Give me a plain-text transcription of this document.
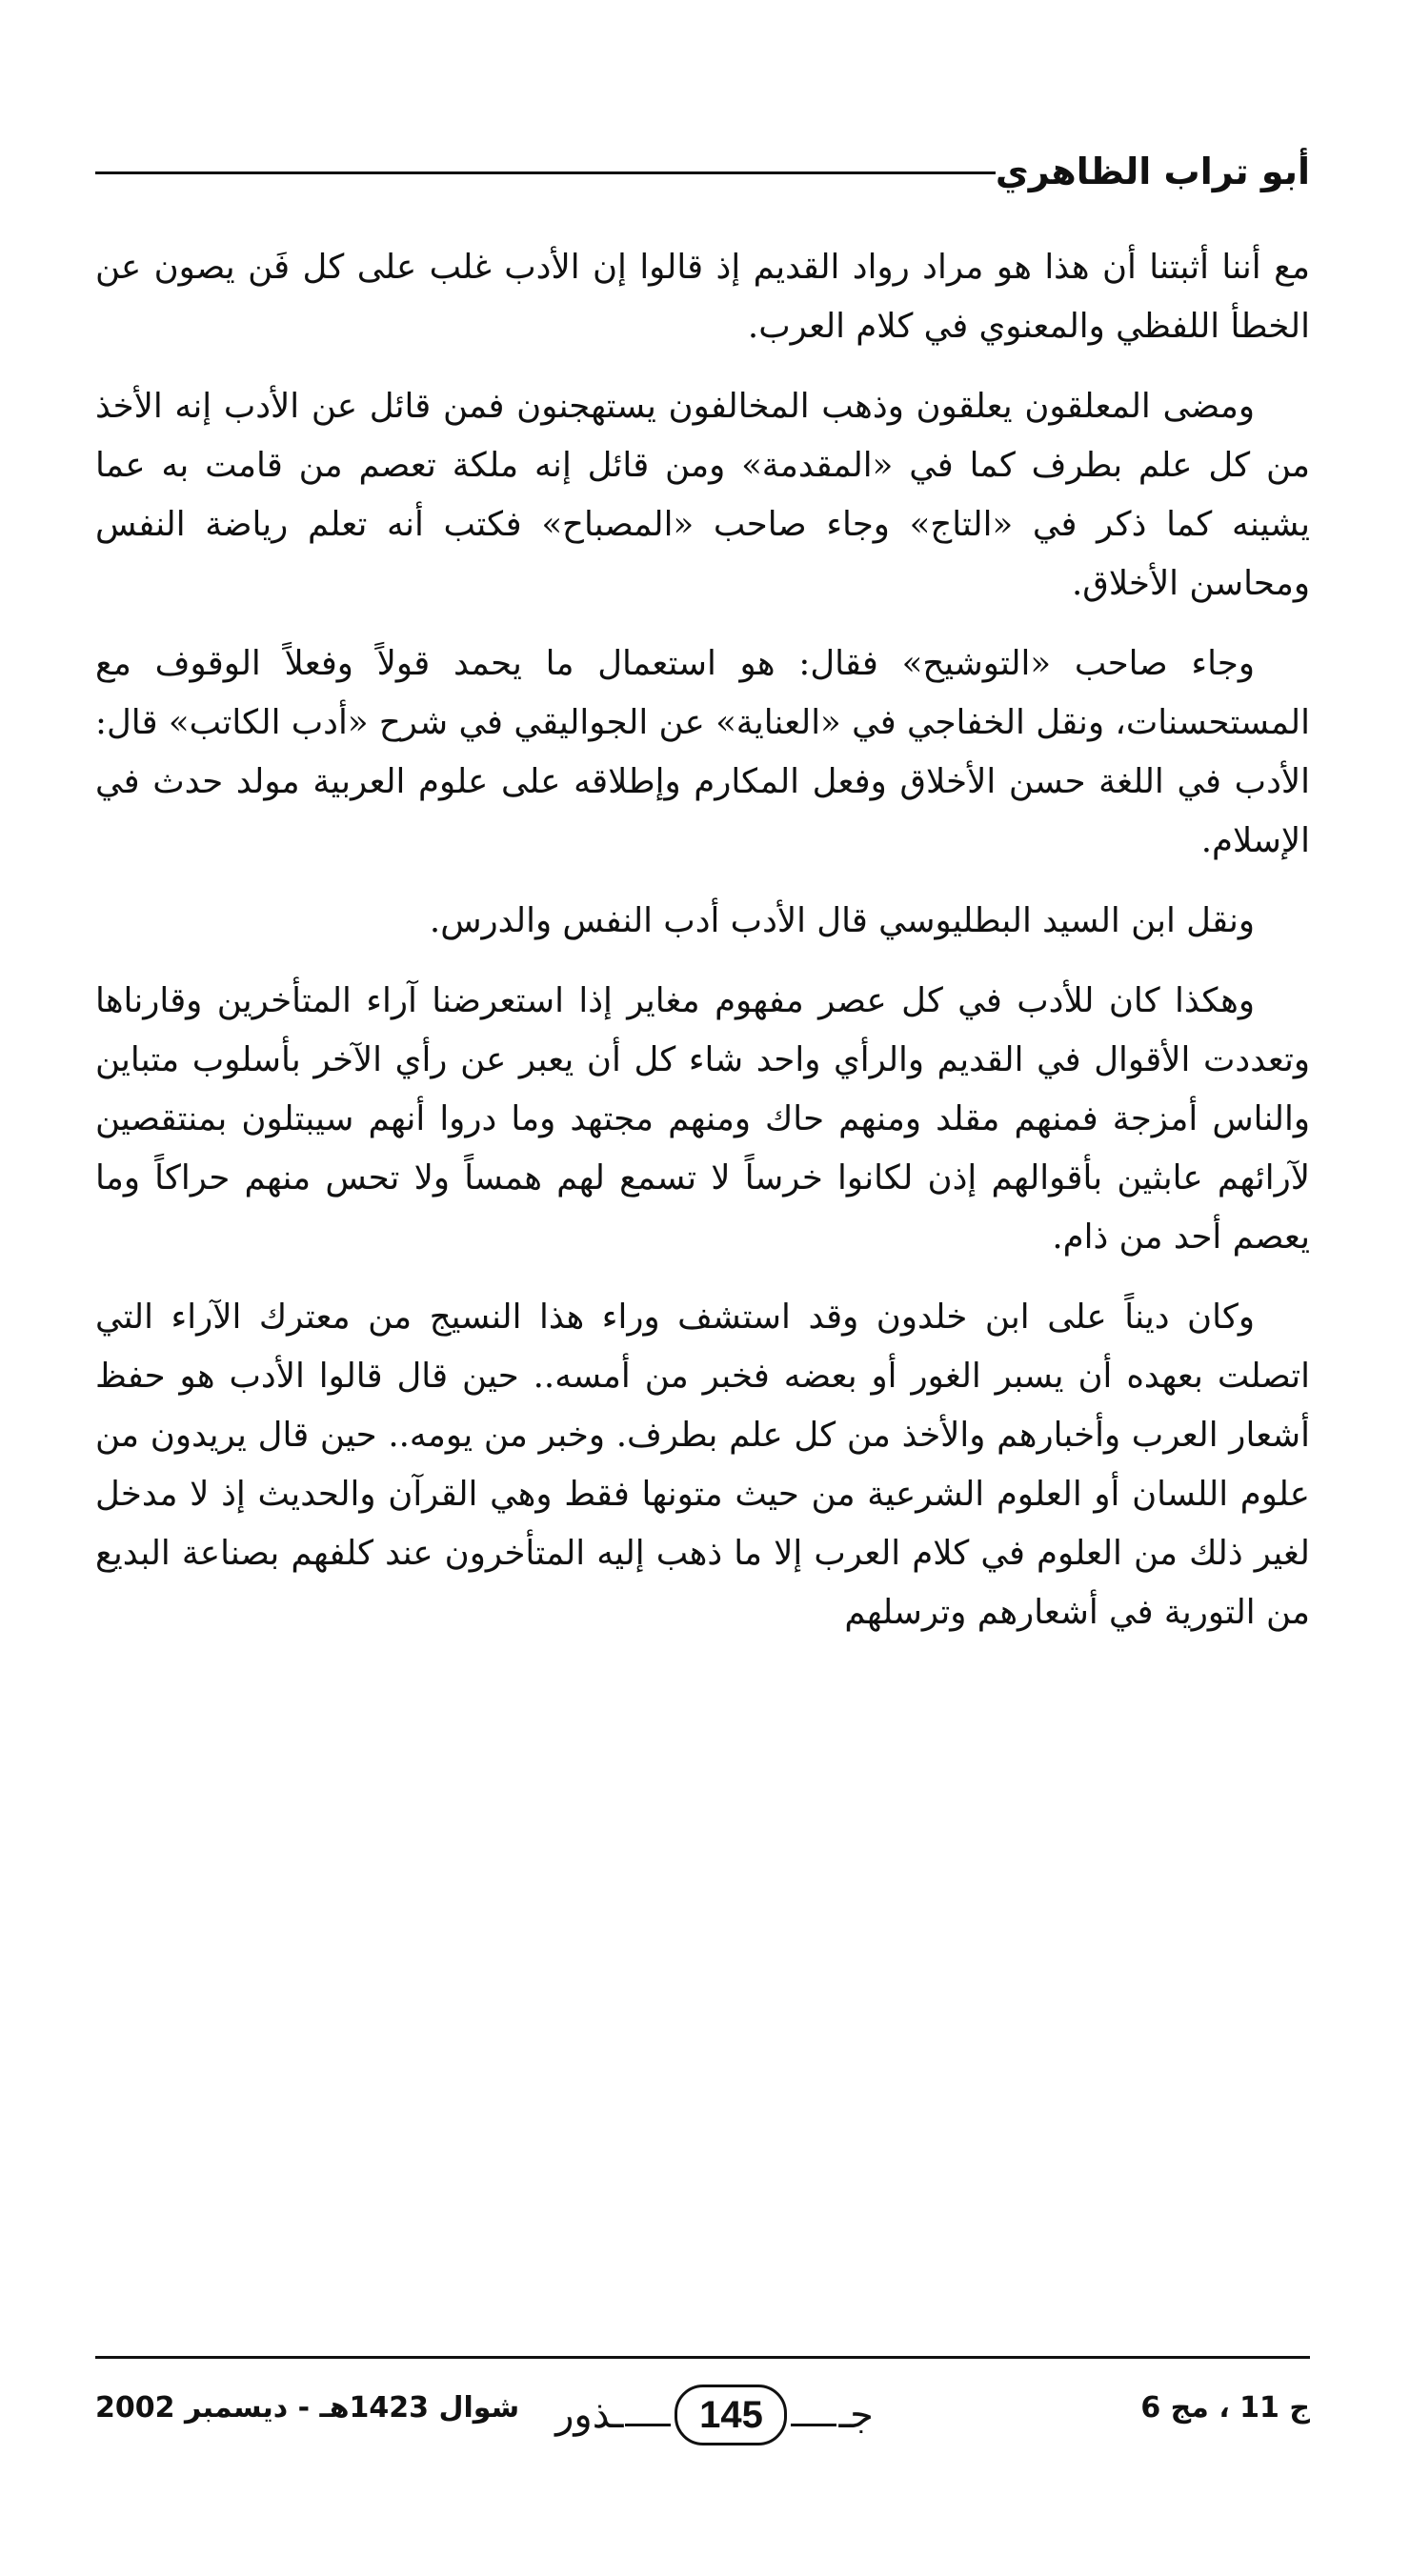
أبو تراب الظاهري

مع أننا أثبتنا أن هذا هو مراد رواد القديم إذ قالوا إن الأدب غلب على كل فَن يصون عن الخطأ اللفظي والمعنوي في كلام العرب.

ومضى المعلقون يعلقون وذهب المخالفون يستهجنون فمن قائل عن الأدب إنه الأخذ من كل علم بطرف كما في «المقدمة» ومن قائل إنه ملكة تعصم من قامت به عما يشينه كما ذكر في «التاج» وجاء صاحب «المصباح» فكتب أنه تعلم رياضة النفس ومحاسن الأخلاق.

وجاء صاحب «التوشيح» فقال: هو استعمال ما يحمد قولاً وفعلاً الوقوف مع المستحسنات، ونقل الخفاجي في «العناية» عن الجواليقي في شرح «أدب الكاتب» قال: الأدب في اللغة حسن الأخلاق وفعل المكارم وإطلاقه على علوم العربية مولد حدث في الإسلام.

ونقل ابن السيد البطليوسي قال الأدب أدب النفس والدرس.

وهكذا كان للأدب في كل عصر مفهوم مغاير إذا استعرضنا آراء المتأخرين وقارناها وتعددت الأقوال في القديم والرأي واحد شاء كل أن يعبر عن رأي الآخر بأسلوب متباين والناس أمزجة فمنهم مقلد ومنهم حاك ومنهم مجتهد وما دروا أنهم سيبتلون بمنتقصين لآرائهم عابثين بأقوالهم إذن لكانوا خرساً لا تسمع لهم همساً ولا تحس منهم حراكاً وما يعصم أحد من ذام.

وكان ديناً على ابن خلدون وقد استشف وراء هذا النسيج من معترك الآراء التي اتصلت بعهده أن يسبر الغور أو بعضه فخبر من أمسه.. حين قال قالوا الأدب هو حفظ أشعار العرب وأخبارهم والأخذ من كل علم بطرف. وخبر من يومه.. حين قال يريدون من علوم اللسان أو العلوم الشرعية من حيث متونها فقط وهي القرآن والحديث إذ لا مدخل لغير ذلك من العلوم في كلام العرب إلا ما ذهب إليه المتأخرون عند كلفهم بصناعة البديع من التورية في أشعارهم وترسلهم

ج 11 ، مج 6
جـ
145
ـذور
شوال 1423هـ - ديسمبر 2002
